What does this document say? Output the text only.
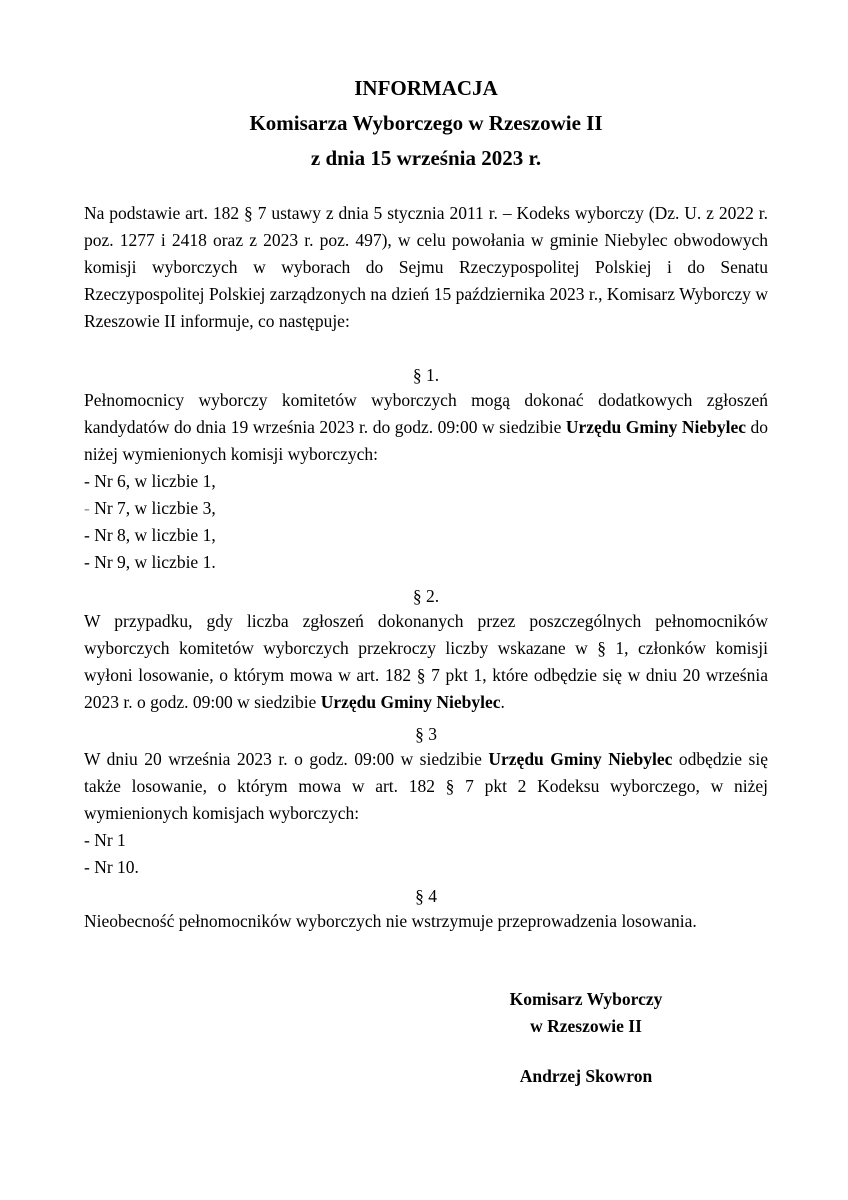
INFORMACJA
Komisarza Wyborczego w Rzeszowie II
z dnia 15 września 2023 r.

Na podstawie art. 182 § 7 ustawy z dnia 5 stycznia 2011 r. – Kodeks wyborczy (Dz. U. z 2022 r. poz. 1277 i 2418 oraz z 2023 r. poz. 497), w celu powołania w gminie Niebylec obwodowych komisji wyborczych w wyborach do Sejmu Rzeczypospolitej Polskiej i do Senatu Rzeczypospolitej Polskiej zarządzonych na dzień 15 października 2023 r., Komisarz Wyborczy w Rzeszowie II informuje, co następuje:

§ 1.

Pełnomocnicy wyborczy komitetów wyborczych mogą dokonać dodatkowych zgłoszeń kandydatów do dnia 19 września 2023 r. do godz. 09:00 w siedzibie Urzędu Gminy Niebylec do niżej wymienionych komisji wyborczych:

- Nr 6, w liczbie 1,
- Nr 7, w liczbie 3,
- Nr 8, w liczbie 1,
- Nr 9, w liczbie 1.
§ 2.

W przypadku, gdy liczba zgłoszeń dokonanych przez poszczególnych pełnomocników wyborczych komitetów wyborczych przekroczy liczby wskazane w § 1, członków komisji wyłoni losowanie, o którym mowa w art. 182 § 7 pkt 1, które odbędzie się w dniu 20 września 2023 r. o godz. 09:00 w siedzibie Urzędu Gminy Niebylec.

§ 3

W dniu 20 września 2023 r. o godz. 09:00 w siedzibie Urzędu Gminy Niebylec odbędzie się także losowanie, o którym mowa w art. 182 § 7 pkt 2 Kodeksu wyborczego, w niżej wymienionych komisjach wyborczych:

- Nr 1
- Nr 10.
§ 4

Nieobecność pełnomocników wyborczych nie wstrzymuje przeprowadzenia losowania.

Komisarz Wyborczy
w Rzeszowie II
Andrzej Skowron
